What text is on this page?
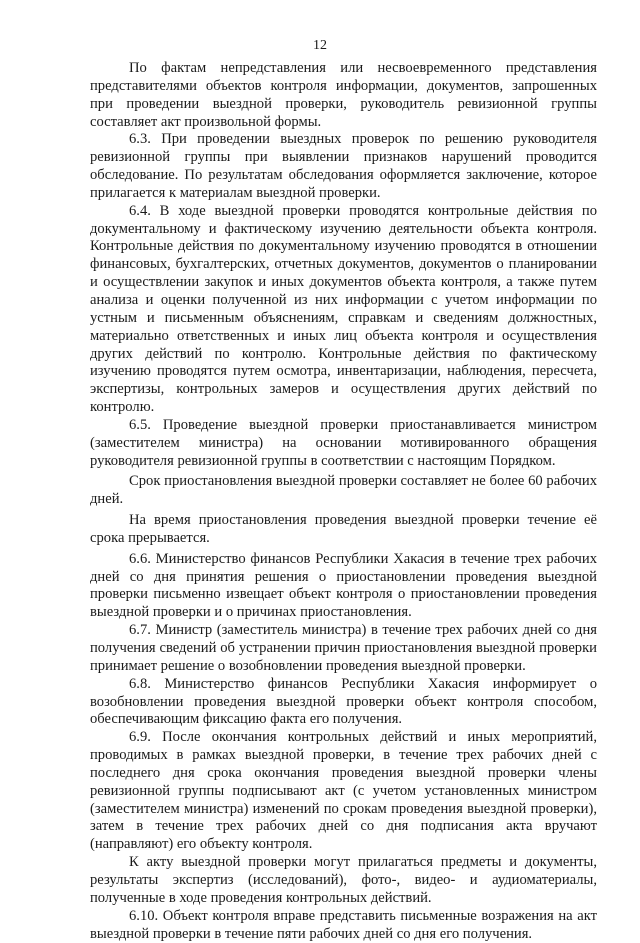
12

По фактам непредставления или несвоевременного представления представителями объектов контроля информации, документов, запрошенных при проведении выездной проверки, руководитель ревизионной группы составляет акт произвольной формы.

6.3. При проведении выездных проверок по решению руководителя ревизионной группы при выявлении признаков нарушений проводится обследование. По результатам обследования оформляется заключение, которое прилагается к материалам выездной проверки.

6.4. В ходе выездной проверки проводятся контрольные действия по документальному и фактическому изучению деятельности объекта контроля. Контрольные действия по документальному изучению проводятся в отношении финансовых, бухгалтерских, отчетных документов, документов о планировании и осуществлении закупок и иных документов объекта контроля, а также путем анализа и оценки полученной из них информации с учетом информации по устным и письменным объяснениям, справкам и сведениям должностных, материально ответственных и иных лиц объекта контроля и осуществления других действий по контролю. Контрольные действия по фактическому изучению проводятся путем осмотра, инвентаризации, наблюдения, пересчета, экспертизы, контрольных замеров и осуществления других действий по контролю.

6.5. Проведение выездной проверки приостанавливается министром (заместителем министра) на основании мотивированного обращения руководителя ревизионной группы в соответствии с настоящим Порядком.

Срок приостановления выездной проверки составляет не более 60 рабочих дней.

На время приостановления проведения выездной проверки течение её срока прерывается.

6.6. Министерство финансов Республики Хакасия в течение трех рабочих дней со дня принятия решения о приостановлении проведения выездной проверки письменно извещает объект контроля о приостановлении проведения выездной проверки и о причинах приостановления.

6.7. Министр (заместитель министра) в течение трех рабочих дней со дня получения сведений об устранении причин приостановления выездной проверки принимает решение о возобновлении проведения выездной проверки.

6.8. Министерство финансов Республики Хакасия информирует о возобновлении проведения выездной проверки объект контроля способом, обеспечивающим фиксацию факта его получения.

6.9. После окончания контрольных действий и иных мероприятий, проводимых в рамках выездной проверки, в течение трех рабочих дней с последнего дня срока окончания проведения выездной проверки члены ревизионной группы подписывают акт (с учетом установленных министром (заместителем министра) изменений по срокам проведения выездной проверки), затем в течение трех рабочих дней со дня подписания акта вручают (направляют) его объекту контроля.

К акту выездной проверки могут прилагаться предметы и документы, результаты экспертиз (исследований), фото-, видео- и аудиоматериалы, полученные в ходе проведения контрольных действий.

6.10. Объект контроля вправе представить письменные возражения на акт выездной проверки в течение пяти рабочих дней со дня его получения.
